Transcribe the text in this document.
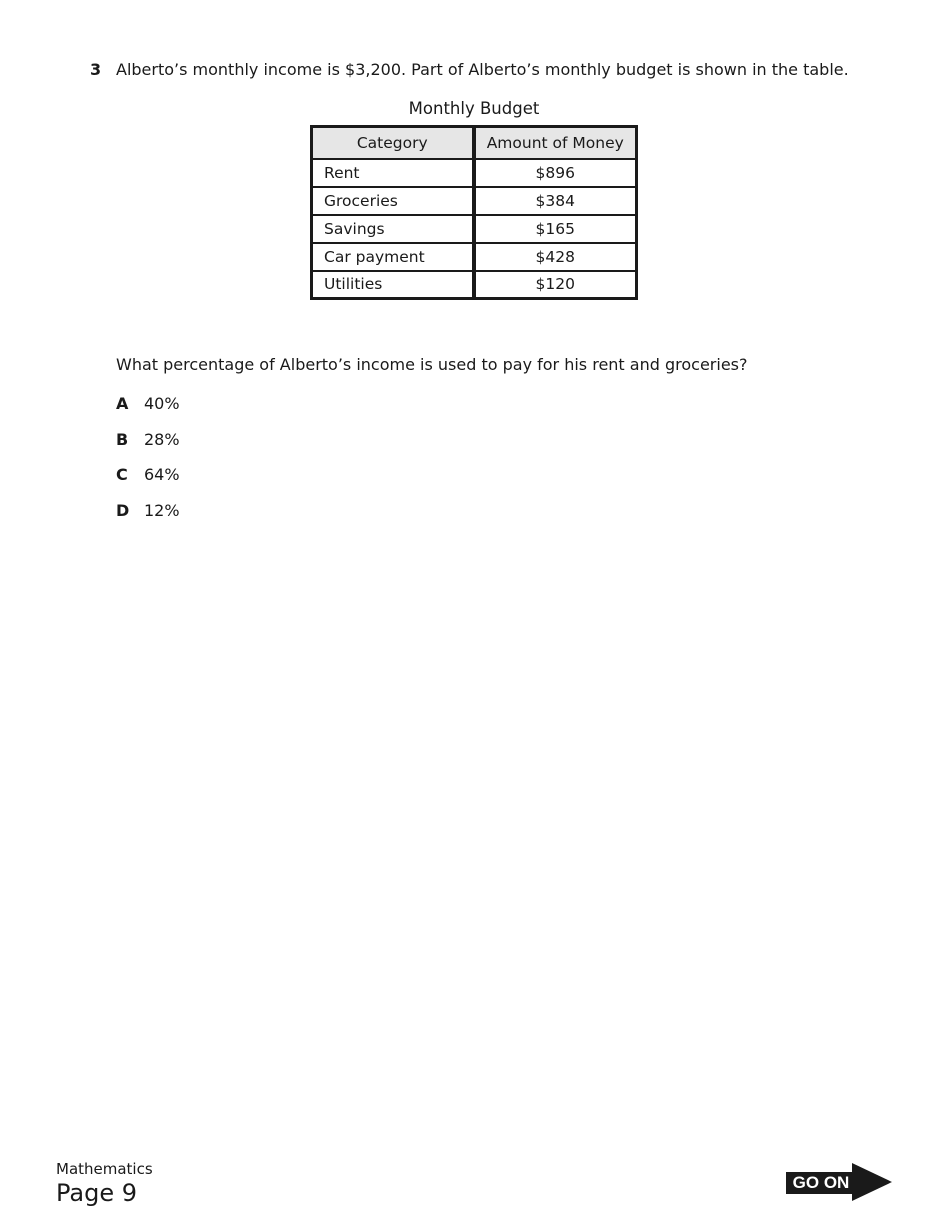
3 Alberto’s monthly income is $3,200. Part of Alberto’s monthly budget is shown in the table.
Monthly Budget
Category	Amount of Money
Rent	$896
Groceries	$384
Savings	$165
Car payment	$428
Utilities	$120
What percentage of Alberto’s income is used to pay for his rent and groceries?
A 40%
B 28%
C	64%
D 12%
Mathematics
Page 9	GO ON
